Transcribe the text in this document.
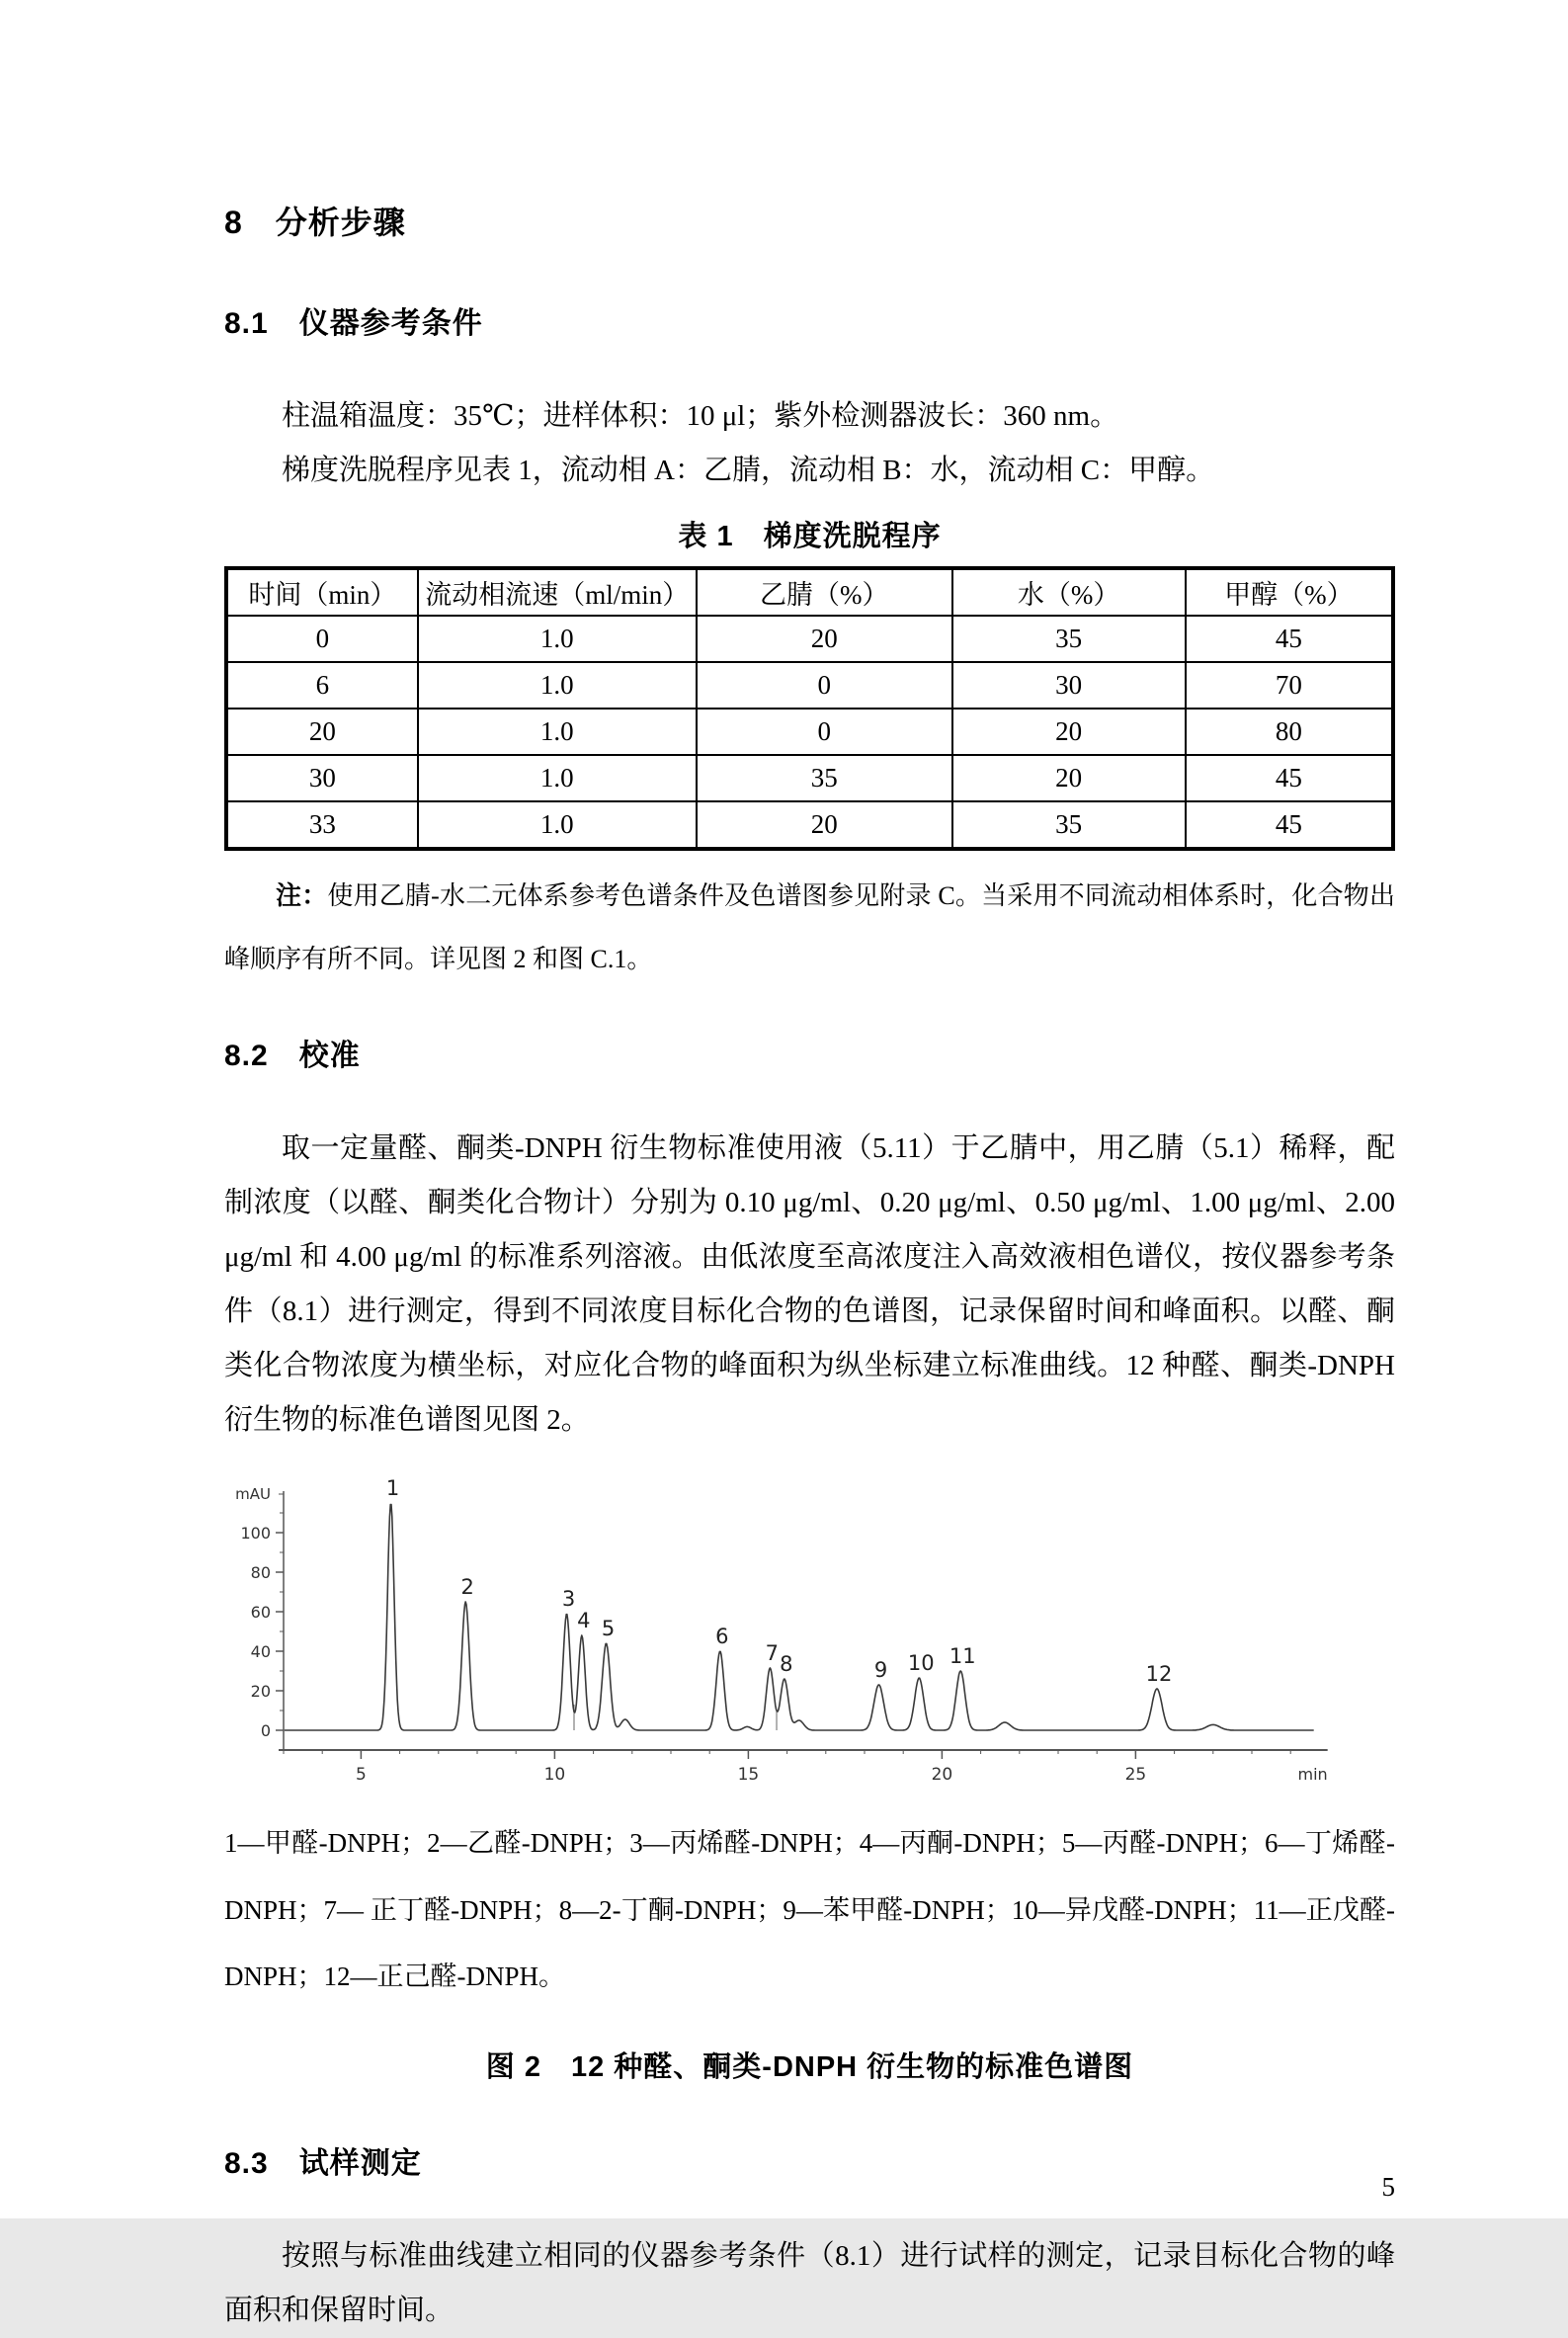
8　分析步骤
8.1　仪器参考条件

柱温箱温度：35℃；进样体积：10 μl；紫外检测器波长：360 nm。

梯度洗脱程序见表 1，流动相 A：乙腈，流动相 B：水，流动相 C：甲醇。

表 1　梯度洗脱程序
时间（min）	流动相流速（ml/min）	乙腈（%）	水（%）	甲醇（%）
0	1.0	20	35	45
6	1.0	0	30	70
20	1.0	0	20	80
30	1.0	35	20	45
33	1.0	20	35	45

注：使用乙腈-水二元体系参考色谱条件及色谱图参见附录 C。当采用不同流动相体系时，化合物出峰顺序有所不同。详见图 2 和图 C.1。

8.2　校准

取一定量醛、酮类-DNPH 衍生物标准使用液（5.11）于乙腈中，用乙腈（5.1）稀释，配制浓度（以醛、酮类化合物计）分别为 0.10 μg/ml、0.20 μg/ml、0.50 μg/ml、1.00 μg/ml、2.00 μg/ml 和 4.00 μg/ml 的标准系列溶液。由低浓度至高浓度注入高效液相色谱仪，按仪器参考条件（8.1）进行测定，得到不同浓度目标化合物的色谱图，记录保留时间和峰面积。以醛、酮类化合物浓度为横坐标，对应化合物的峰面积为纵坐标建立标准曲线。12 种醛、酮类-DNPH 衍生物的标准色谱图见图 2。

0
20
40
60
80
100
mAU
5	10	15	20	25	min
1
2	3
4 5	6
7 8	9 10 11
12

1—甲醛-DNPH；2—乙醛-DNPH；3—丙烯醛-DNPH；4—丙酮-DNPH；5—丙醛-DNPH；6—丁烯醛-DNPH；7— 正丁醛-DNPH；8—2-丁酮-DNPH；9—苯甲醛-DNPH；10—异戊醛-DNPH；11—正戊醛-DNPH；12—正己醛-DNPH。

图 2　12 种醛、酮类-DNPH 衍生物的标准色谱图
8.3　试样测定

按照与标准曲线建立相同的仪器参考条件（8.1）进行试样的测定，记录目标化合物的峰面积和保留时间。

5
